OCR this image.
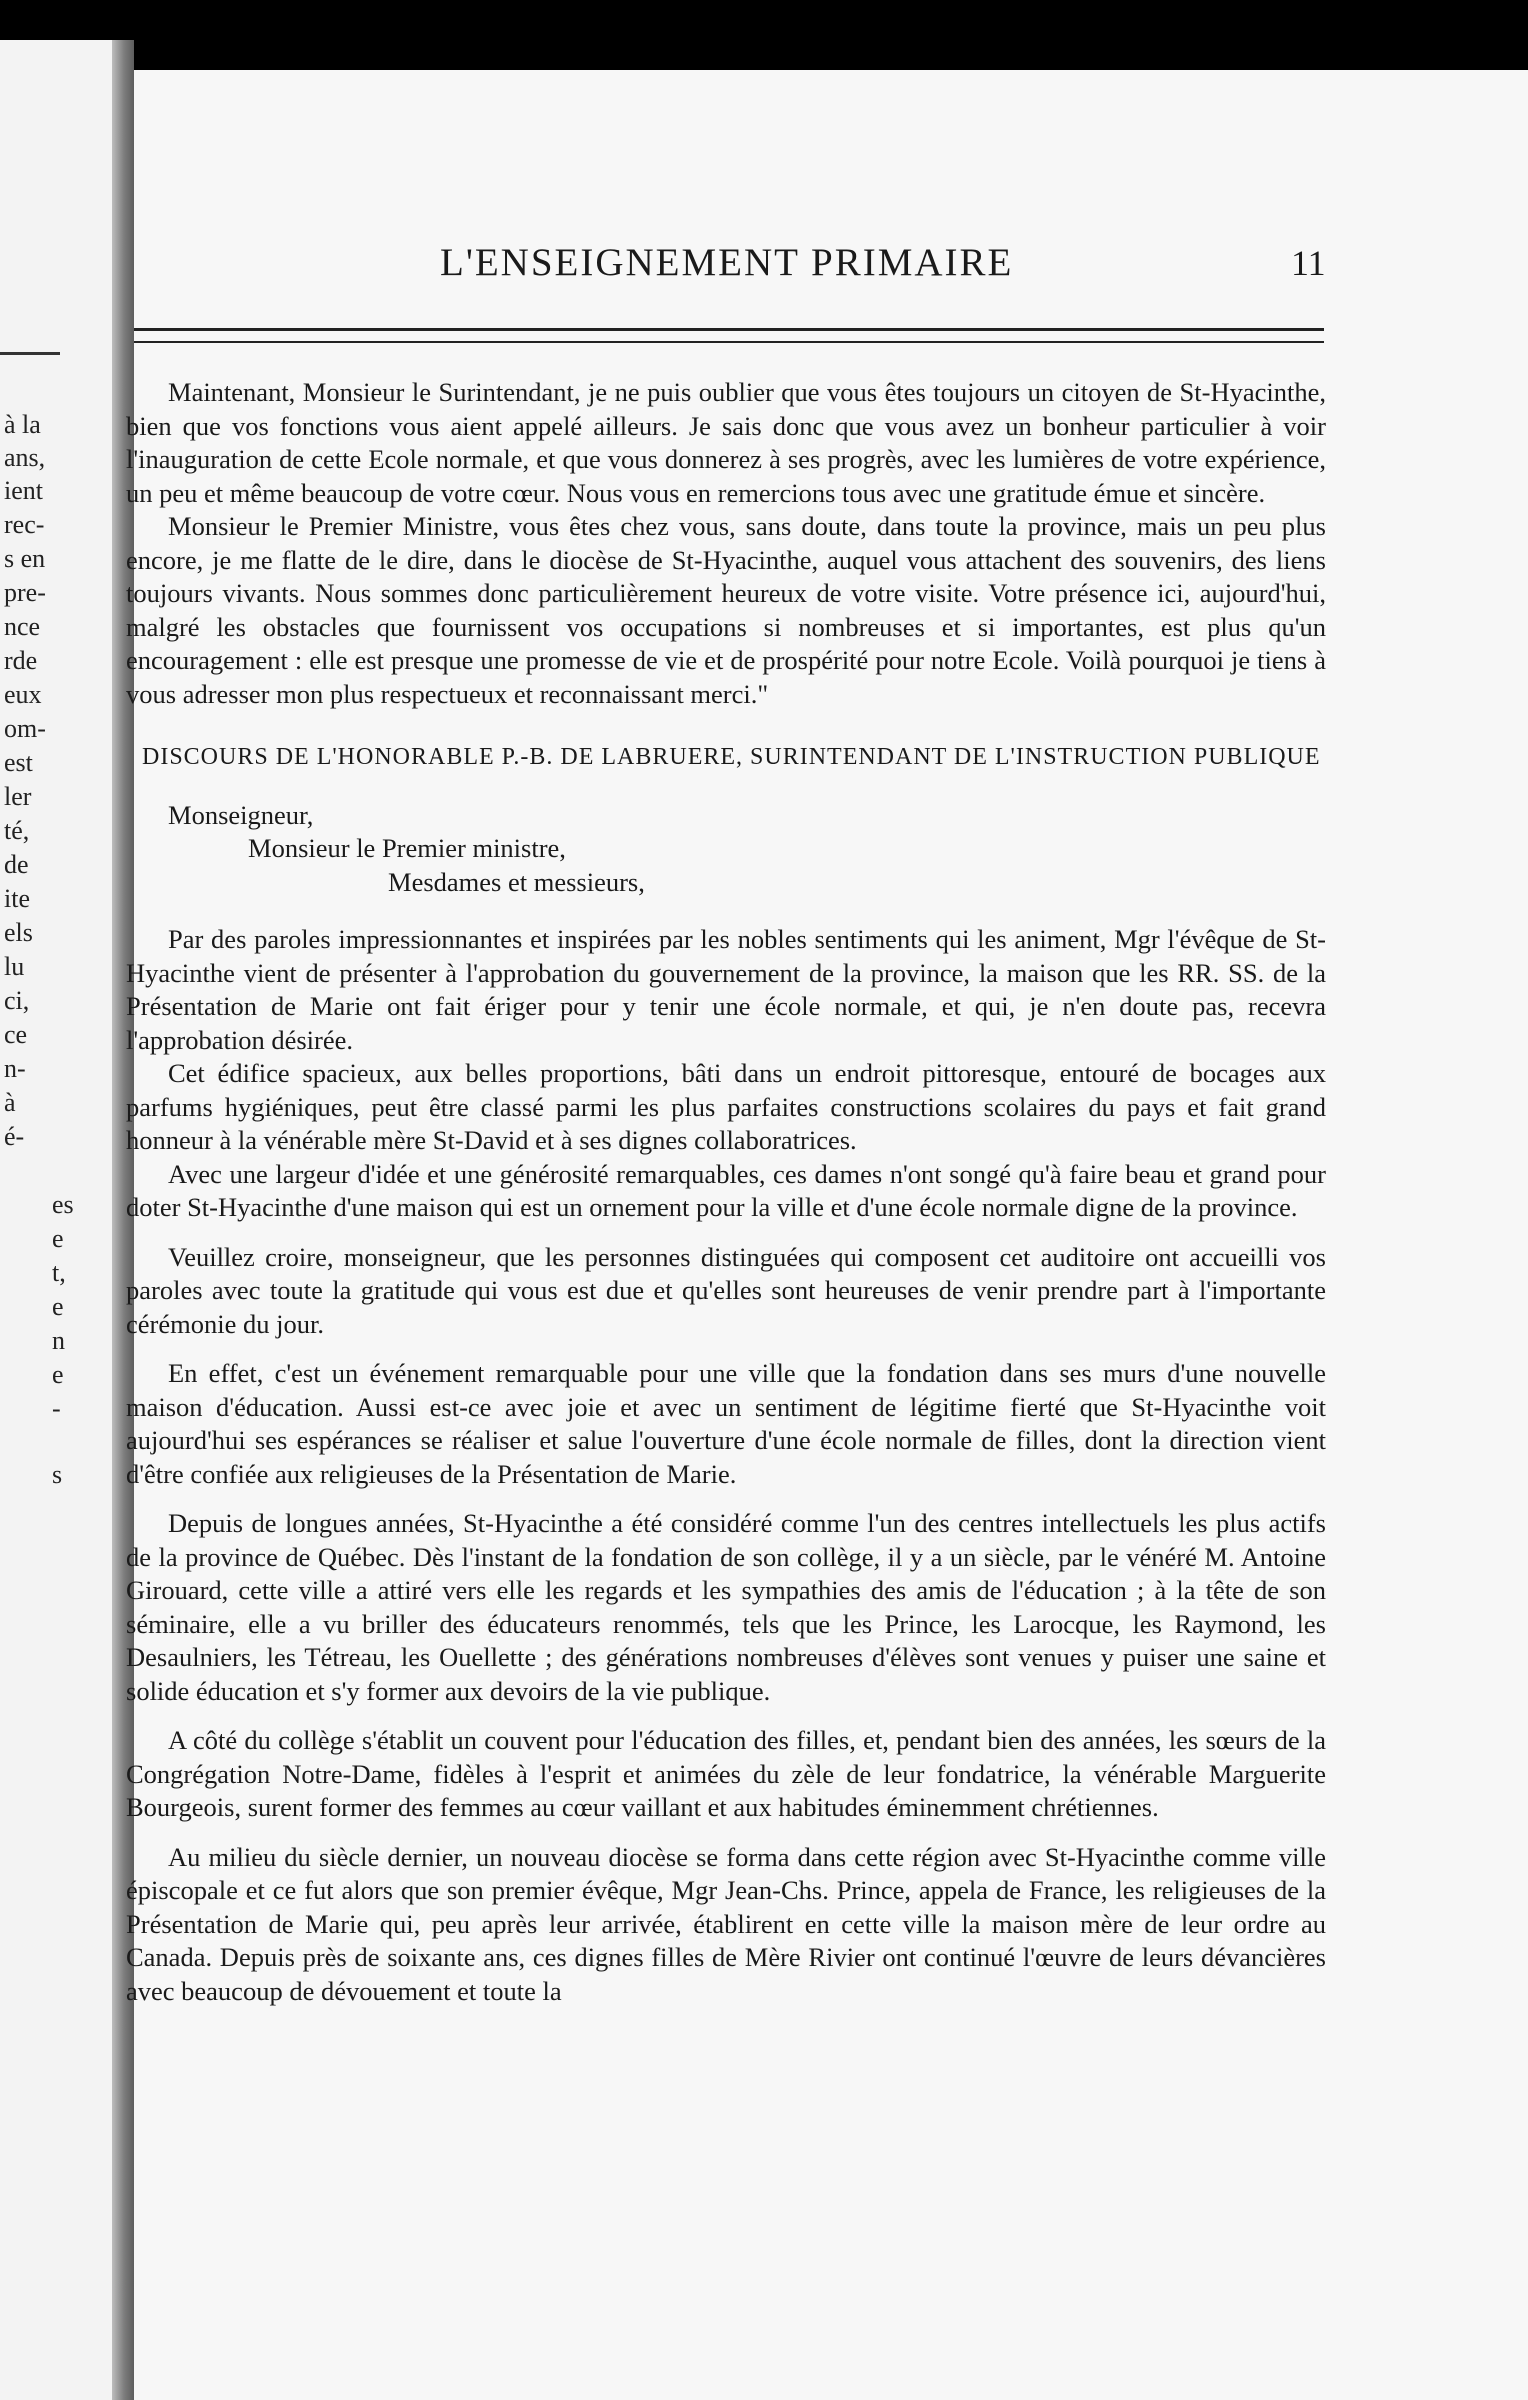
à la
ans,
ient
rec-
s en
pre-
nce
rde
eux
om-
est
ler
té,
de
ite
els
lu
ci,
ce
n-
à
é-
es
e
t,
e
n
e
-
s
L'ENSEIGNEMENT PRIMAIRE	11

Maintenant, Monsieur le Surintendant, je ne puis oublier que vous êtes toujours un citoyen de St-Hyacinthe, bien que vos fonctions vous aient appelé ailleurs. Je sais donc que vous avez un bonheur particulier à voir l'inauguration de cette Ecole normale, et que vous donnerez à ses progrès, avec les lumières de votre expérience, un peu et même beaucoup de votre cœur. Nous vous en remercions tous avec une gratitude émue et sincère.

Monsieur le Premier Ministre, vous êtes chez vous, sans doute, dans toute la province, mais un peu plus encore, je me flatte de le dire, dans le diocèse de St-Hyacinthe, auquel vous attachent des souvenirs, des liens toujours vivants. Nous sommes donc particulièrement heureux de votre visite. Votre présence ici, aujourd'hui, malgré les obstacles que fournissent vos occupations si nombreuses et si importantes, est plus qu'un encouragement : elle est presque une promesse de vie et de prospérité pour notre Ecole. Voilà pourquoi je tiens à vous adresser mon plus respectueux et reconnaissant merci."

DISCOURS DE L'HONORABLE P.-B. DE LABRUERE, SURINTENDANT DE L'INSTRUCTION PUBLIQUE

Monseigneur,

Monsieur le Premier ministre,

Mesdames et messieurs,

Par des paroles impressionnantes et inspirées par les nobles sentiments qui les animent, Mgr l'évêque de St-Hyacinthe vient de présenter à l'approbation du gouvernement de la province, la maison que les RR. SS. de la Présentation de Marie ont fait ériger pour y tenir une école normale, et qui, je n'en doute pas, recevra l'approbation désirée.

Cet édifice spacieux, aux belles proportions, bâti dans un endroit pittoresque, entouré de bocages aux parfums hygiéniques, peut être classé parmi les plus parfaites constructions scolaires du pays et fait grand honneur à la vénérable mère St-David et à ses dignes collaboratrices.

Avec une largeur d'idée et une générosité remarquables, ces dames n'ont songé qu'à faire beau et grand pour doter St-Hyacinthe d'une maison qui est un ornement pour la ville et d'une école normale digne de la province.

Veuillez croire, monseigneur, que les personnes distinguées qui composent cet auditoire ont accueilli vos paroles avec toute la gratitude qui vous est due et qu'elles sont heureuses de venir prendre part à l'importante cérémonie du jour.

En effet, c'est un événement remarquable pour une ville que la fondation dans ses murs d'une nouvelle maison d'éducation. Aussi est-ce avec joie et avec un sentiment de légitime fierté que St-Hyacinthe voit aujourd'hui ses espérances se réaliser et salue l'ouverture d'une école normale de filles, dont la direction vient d'être confiée aux religieuses de la Présentation de Marie.

Depuis de longues années, St-Hyacinthe a été considéré comme l'un des centres intellectuels les plus actifs de la province de Québec. Dès l'instant de la fondation de son collège, il y a un siècle, par le vénéré M. Antoine Girouard, cette ville a attiré vers elle les regards et les sympathies des amis de l'éducation ; à la tête de son séminaire, elle a vu briller des éducateurs renommés, tels que les Prince, les Larocque, les Raymond, les Desaulniers, les Tétreau, les Ouellette ; des générations nombreuses d'élèves sont venues y puiser une saine et solide éducation et s'y former aux devoirs de la vie publique.

A côté du collège s'établit un couvent pour l'éducation des filles, et, pendant bien des années, les sœurs de la Congrégation Notre-Dame, fidèles à l'esprit et animées du zèle de leur fondatrice, la vénérable Marguerite Bourgeois, surent former des femmes au cœur vaillant et aux habitudes éminemment chrétiennes.

Au milieu du siècle dernier, un nouveau diocèse se forma dans cette région avec St-Hyacinthe comme ville épiscopale et ce fut alors que son premier évêque, Mgr Jean-Chs. Prince, appela de France, les religieuses de la Présentation de Marie qui, peu après leur arrivée, établirent en cette ville la maison mère de leur ordre au Canada. Depuis près de soixante ans, ces dignes filles de Mère Rivier ont continué l'œuvre de leurs dévancières avec beaucoup de dévouement et toute la
